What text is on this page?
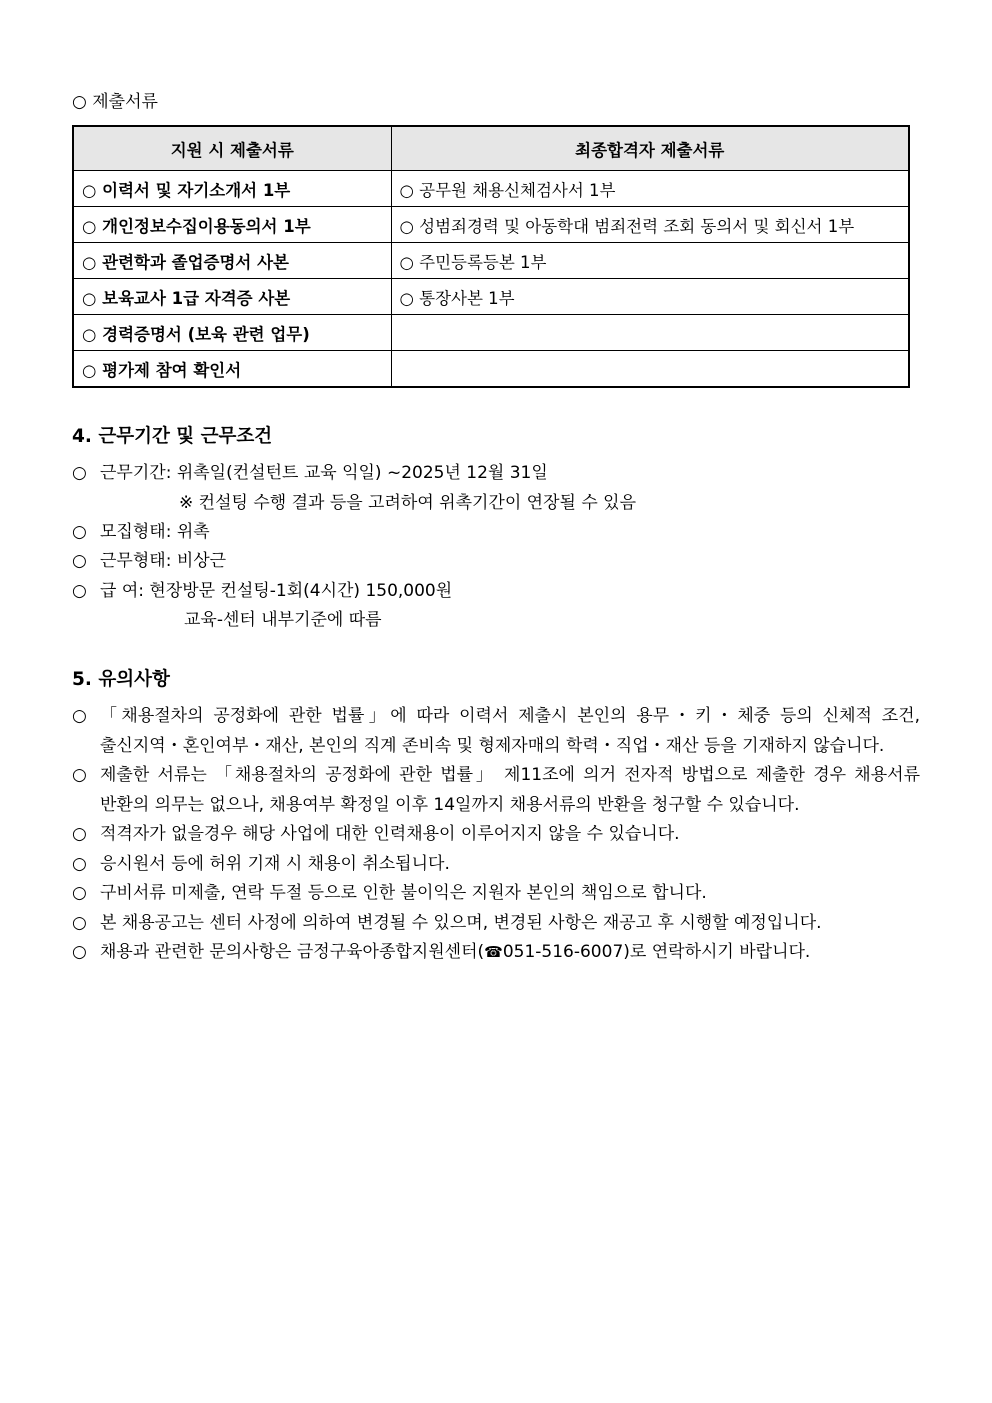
○ 제출서류
지원 시 제출서류	최종합격자 제출서류
○ 이력서 및 자기소개서 1부	○ 공무원 채용신체검사서 1부
○ 개인정보수집이용동의서 1부	○ 성범죄경력 및 아동학대 범죄전력 조회 동의서 및 회신서 1부
○ 관련학과 졸업증명서 사본	○ 주민등록등본 1부
○ 보육교사 1급 자격증 사본	○ 통장사본 1부
○ 경력증명서 (보육 관련 업무)	
○ 평가제 참여 확인서	
4. 근무기간 및 근무조건
○ 근무기간:
위촉일(컨설턴트 교육 익일) ~2025년 12월 31일
※ 컨설팅 수행 결과 등을 고려하여 위촉기간이 연장될 수 있음
○ 모집형태:
위촉
○ 근무형태:
비상근
○ 급 여:
현장방문 컨설팅-1회(4시간) 150,000원
교육-센터 내부기준에 따름
5. 유의사항
○ 「채용절차의 공정화에 관한 법률」에 따라 이력서 제출시 본인의 용무・키・체중 등의 신체적 조건, 출신지역・혼인여부・재산, 본인의 직계 존비속 및 형제자매의 학력・직업・재산 등을 기재하지 않습니다.
○ 제출한 서류는 「채용절차의 공정화에 관한 법률」 제11조에 의거 전자적 방법으로 제출한 경우 채용서류 반환의 의무는 없으나, 채용여부 확정일 이후 14일까지 채용서류의 반환을 청구할 수 있습니다.
○ 적격자가 없을경우 해당 사업에 대한 인력채용이 이루어지지 않을 수 있습니다.
○ 응시원서 등에 허위 기재 시 채용이 취소됩니다.
○ 구비서류 미제출, 연락 두절 등으로 인한 불이익은 지원자 본인의 책임으로 합니다.
○ 본 채용공고는 센터 사정에 의하여 변경될 수 있으며, 변경된 사항은 재공고 후 시행할 예정입니다.
○ 채용과 관련한 문의사항은 금정구육아종합지원센터(☎051-516-6007)로 연락하시기 바랍니다.
